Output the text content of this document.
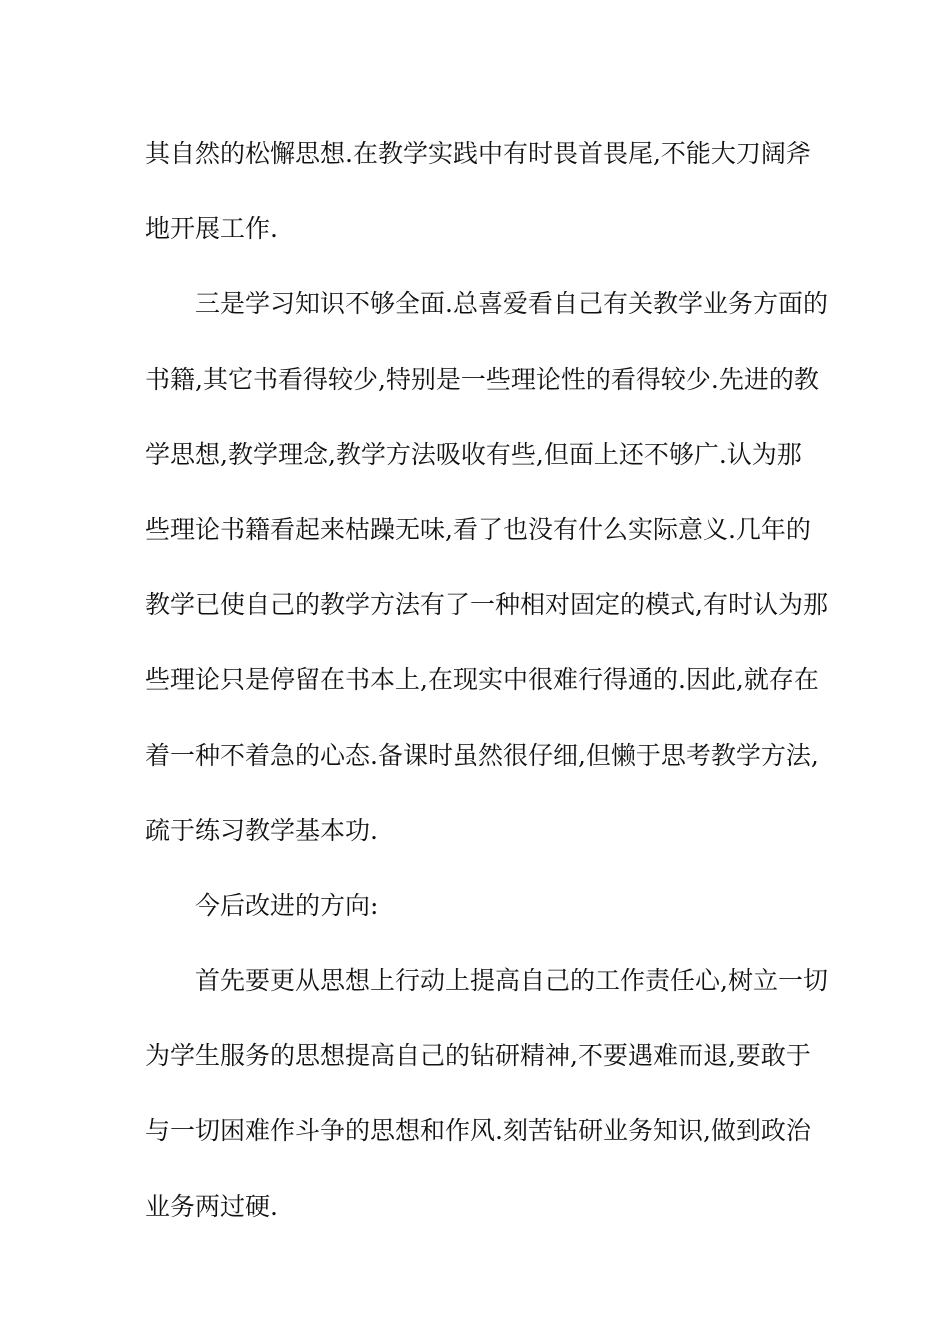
其自然的松懈思想.在教学实践中有时畏首畏尾,不能大刀阔斧
地开展工作.
三是学习知识不够全面.总喜爱看自己有关教学业务方面的
书籍,其它书看得较少,特别是一些理论性的看得较少.先进的教
学思想,教学理念,教学方法吸收有些,但面上还不够广.认为那
些理论书籍看起来枯躁无味,看了也没有什么实际意义.几年的
教学已使自己的教学方法有了一种相对固定的模式,有时认为那
些理论只是停留在书本上,在现实中很难行得通的.因此,就存在
着一种不着急的心态.备课时虽然很仔细,但懒于思考教学方法,
疏于练习教学基本功.
今后改进的方向:
首先要更从思想上行动上提高自己的工作责任心,树立一切
为学生服务的思想提高自己的钻研精神,不要遇难而退,要敢于
与一切困难作斗争的思想和作风.刻苦钻研业务知识,做到政治
业务两过硬.
